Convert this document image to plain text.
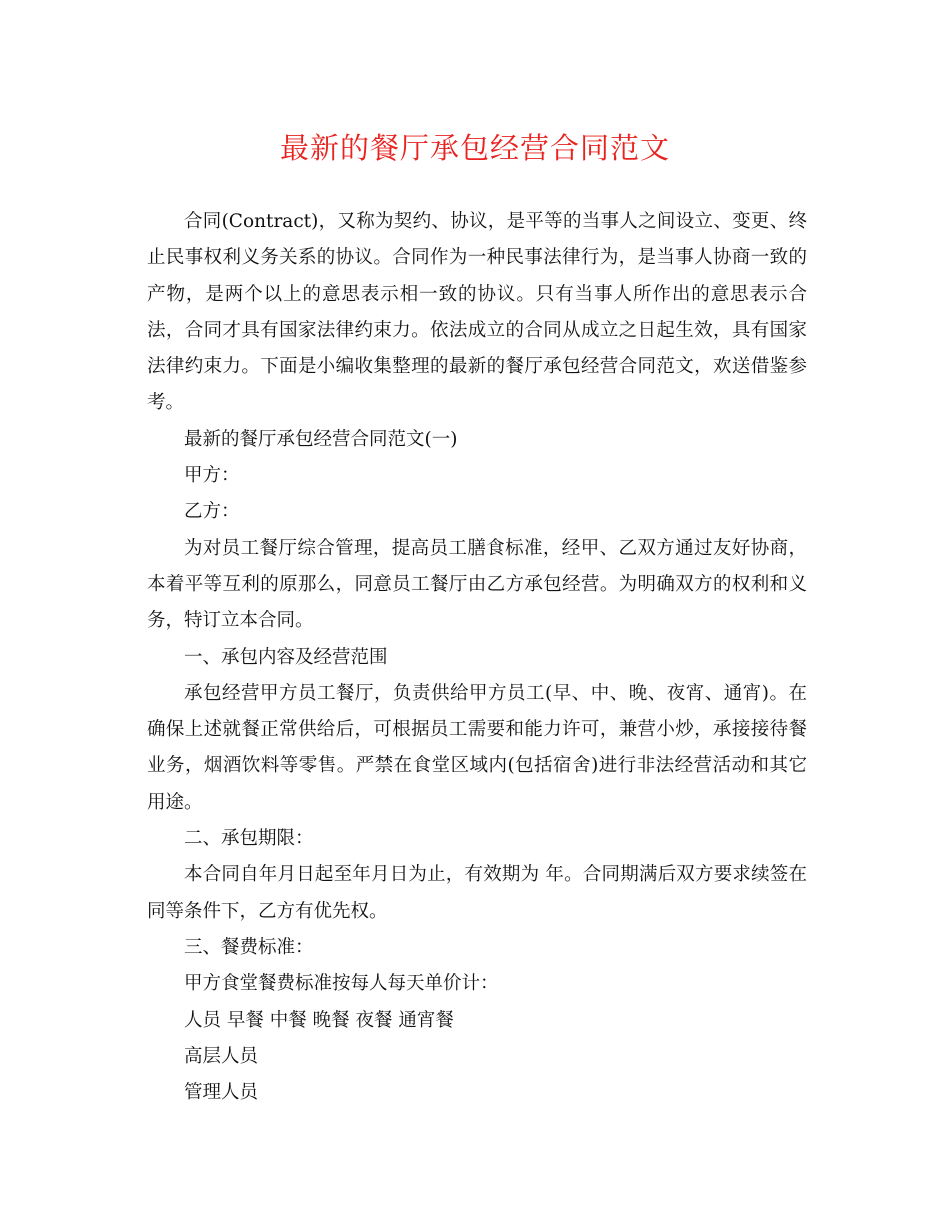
最新的餐厅承包经营合同范文

合同(Contract)，又称为契约、协议，是平等的当事人之间设立、变更、终止民事权利义务关系的协议。合同作为一种民事法律行为，是当事人协商一致的产物，是两个以上的意思表示相一致的协议。只有当事人所作出的意思表示合法，合同才具有国家法律约束力。依法成立的合同从成立之日起生效，具有国家法律约束力。下面是小编收集整理的最新的餐厅承包经营合同范文，欢送借鉴参考。

最新的餐厅承包经营合同范文(一)

甲方：

乙方：

为对员工餐厅综合管理，提高员工膳食标准，经甲、乙双方通过友好协商，本着平等互利的原那么，同意员工餐厅由乙方承包经营。为明确双方的权利和义务，特订立本合同。

一、承包内容及经营范围

承包经营甲方员工餐厅，负责供给甲方员工(早、中、晚、夜宵、通宵)。在确保上述就餐正常供给后，可根据员工需要和能力许可，兼营小炒，承接接待餐业务，烟酒饮料等零售。严禁在食堂区域内(包括宿舍)进行非法经营活动和其它用途。

二、承包期限：

本合同自年月日起至年月日为止，有效期为 年。合同期满后双方要求续签在同等条件下，乙方有优先权。

三、餐费标准：

甲方食堂餐费标准按每人每天单价计：

人员 早餐 中餐 晚餐 夜餐 通宵餐

高层人员

管理人员
